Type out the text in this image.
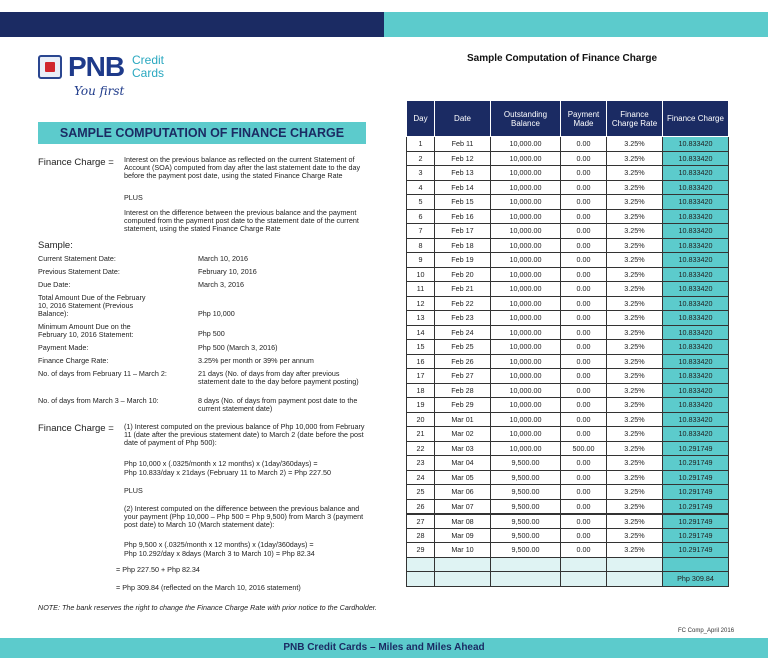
PNB Credit
Cards
You first
SAMPLE COMPUTATION OF FINANCE CHARGE
Sample Computation of Finance Charge
Finance Charge = Interest on the previous balance as reflected on the current Statement of Account (SOA) computed from day after the last statement date to the day before the payment post date, using the stated Finance Charge Rate
PLUS
Interest on the difference between the previous balance and the payment computed from the payment post date to the statement date of the current statement, using the stated Finance Charge Rate
Sample:
Current Statement Date:	March 10, 2016
Previous Statement Date:	February 10, 2016
Due Date:	March 3, 2016
Total Amount Due of the February 10, 2016 Statement (Previous Balance):	Php 10,000
Minimum Amount Due on the February 10, 2016 Statement:	Php 500
Payment Made:	Php 500 (March 3, 2016)
Finance Charge Rate:	3.25% per month or 39% per annum
No. of days from February 11 – March 2:	21 days (No. of days from day after previous statement date to the day before payment posting)
No. of days from March 3 – March 10:	8 days (No. of days from payment post date to the current statement date)
Finance Charge = (1) Interest computed on the previous balance of Php 10,000 from February 11 (date after the previous statement date) to March 2 (date before the post date of payment of Php 500):
Php 10,000 x (.0325/month x 12 months) x (1day/360days) =
Php 10.833/day x 21days (February 11 to March 2) = Php 227.50
PLUS
(2) Interest computed on the difference between the previous balance and your payment (Php 10,000 – Php 500 = Php 9,500) from March 3 (payment post date) to March 10 (March statement date):
Php 9,500 x (.0325/month x 12 months) x (1day/360days) =
Php 10.292/day x 8days (March 3 to March 10) = Php 82.34
= Php 227.50 + Php 82.34
= Php 309.84 (reflected on the March 10, 2016 statement)
NOTE: The bank reserves the right to change the Finance Charge Rate with prior notice to the Cardholder.
Day	Date	Outstanding Balance	Payment Made	Finance Charge Rate	Finance Charge
1	Feb 11	10,000.00	0.00	3.25%	10.833420
2	Feb 12	10,000.00	0.00	3.25%	10.833420
3	Feb 13	10,000.00	0.00	3.25%	10.833420
4	Feb 14	10,000.00	0.00	3.25%	10.833420
5	Feb 15	10,000.00	0.00	3.25%	10.833420
6	Feb 16	10,000.00	0.00	3.25%	10.833420
7	Feb 17	10,000.00	0.00	3.25%	10.833420
8	Feb 18	10,000.00	0.00	3.25%	10.833420
9	Feb 19	10,000.00	0.00	3.25%	10.833420
10	Feb 20	10,000.00	0.00	3.25%	10.833420
11	Feb 21	10,000.00	0.00	3.25%	10.833420
12	Feb 22	10,000.00	0.00	3.25%	10.833420
13	Feb 23	10,000.00	0.00	3.25%	10.833420
14	Feb 24	10,000.00	0.00	3.25%	10.833420
15	Feb 25	10,000.00	0.00	3.25%	10.833420
16	Feb 26	10,000.00	0.00	3.25%	10.833420
17	Feb 27	10,000.00	0.00	3.25%	10.833420
18	Feb 28	10,000.00	0.00	3.25%	10.833420
19	Feb 29	10,000.00	0.00	3.25%	10.833420
20	Mar 01	10,000.00	0.00	3.25%	10.833420
21	Mar 02	10,000.00	0.00	3.25%	10.833420
22	Mar 03	10,000.00	500.00	3.25%	10.291749
23	Mar 04	9,500.00	0.00	3.25%	10.291749
24	Mar 05	9,500.00	0.00	3.25%	10.291749
25	Mar 06	9,500.00	0.00	3.25%	10.291749
26	Mar 07	9,500.00	0.00	3.25%	10.291749
27	Mar 08	9,500.00	0.00	3.25%	10.291749
28	Mar 09	9,500.00	0.00	3.25%	10.291749
29	Mar 10	9,500.00	0.00	3.25%	10.291749

					Php 309.84
FC Comp_April 2016
PNB Credit Cards – Miles and Miles Ahead
